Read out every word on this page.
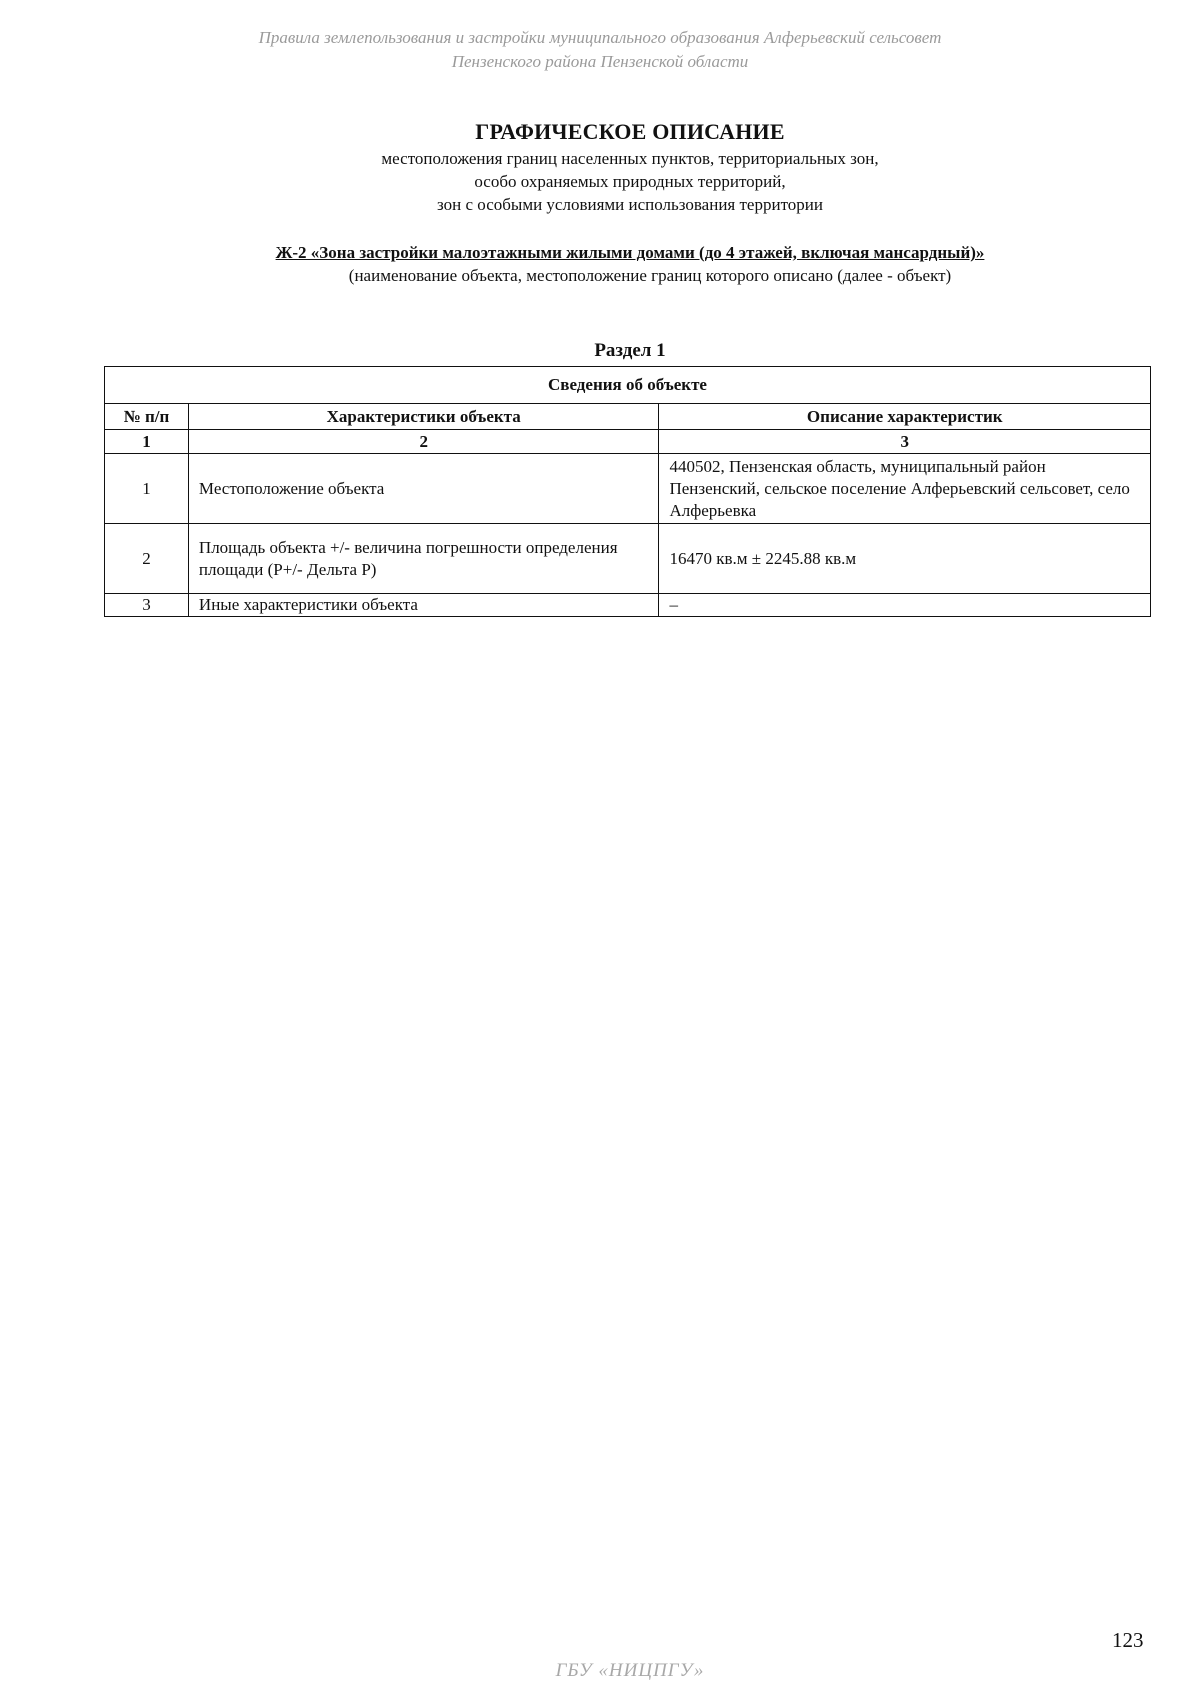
Правила землепользования и застройки муниципального образования Алферьевский сельсовет
Пензенского района Пензенской области
ГРАФИЧЕСКОЕ ОПИСАНИЕ
местоположения границ населенных пунктов, территориальных зон,
особо охраняемых природных территорий,
зон с особыми условиями использования территории
Ж-2 «Зона застройки малоэтажными жилыми домами (до 4 этажей, включая мансардный)»
(наименование объекта, местоположение границ которого описано (далее - объект)
Раздел 1
Сведения об объекте		
№ п/п	Характеристики объекта	Описание характеристик
1	2	3
1	Местоположение объекта	440502, Пензенская область, муниципальный район Пензенский, сельское поселение Алферьевский сельсовет, село Алферьевка
2	Площадь объекта +/- величина погрешности определения площади (Р+/- Дельта Р)	16470 кв.м ± 2245.88 кв.м
3	Иные характеристики объекта	–
123
ГБУ «НИЦПГУ»
